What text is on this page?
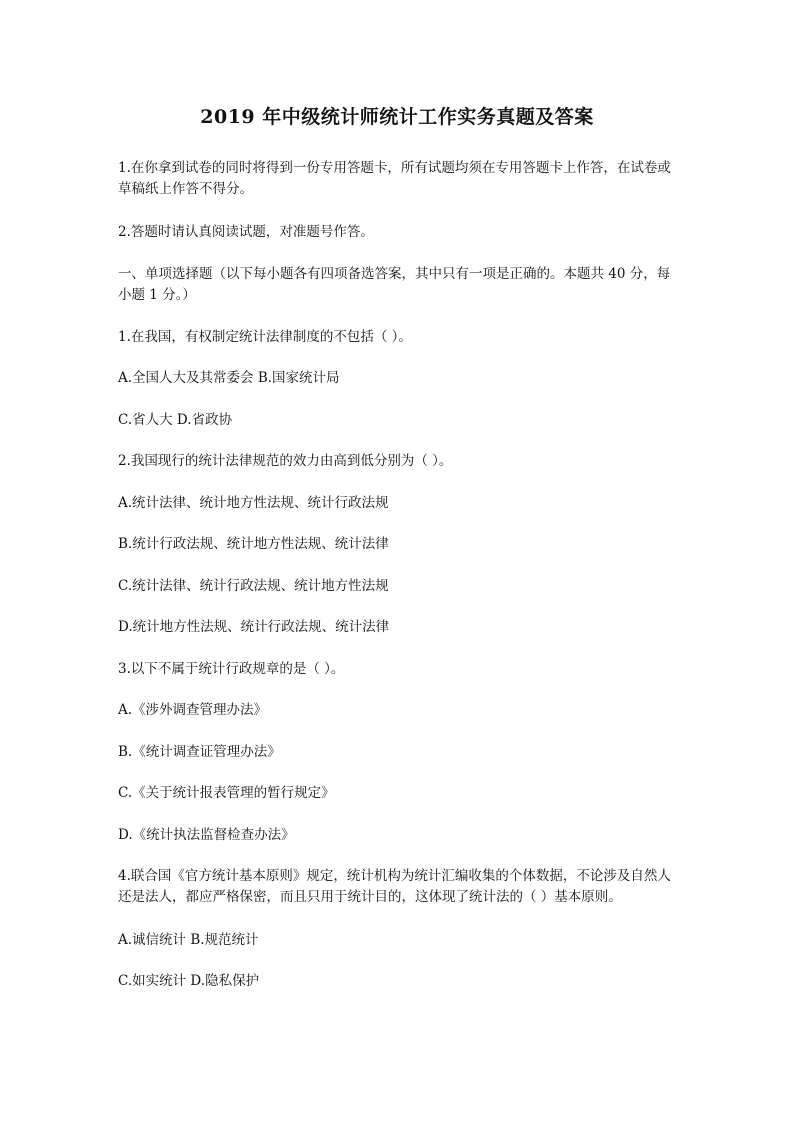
2019 年中级统计师统计工作实务真题及答案
1.在你拿到试卷的同时将得到一份专用答题卡，所有试题均须在专用答题卡上作答，在试卷或草稿纸上作答不得分。
2.答题时请认真阅读试题，对准题号作答。
一、单项选择题（以下每小题各有四项备选答案，其中只有一项是正确的。本题共 40 分，每小题 1 分。）
1.在我国，有权制定统计法律制度的不包括（ ）。
A.全国人大及其常委会 B.国家统计局
C.省人大 D.省政协
2.我国现行的统计法律规范的效力由高到低分别为（ ）。
A.统计法律、统计地方性法规、统计行政法规
B.统计行政法规、统计地方性法规、统计法律
C.统计法律、统计行政法规、统计地方性法规
D.统计地方性法规、统计行政法规、统计法律
3.以下不属于统计行政规章的是（ ）。
A.《涉外调查管理办法》
B.《统计调查证管理办法》
C.《关于统计报表管理的暂行规定》
D.《统计执法监督检查办法》
4.联合国《官方统计基本原则》规定，统计机构为统计汇编收集的个体数据，不论涉及自然人还是法人，都应严格保密，而且只用于统计目的，这体现了统计法的（ ）基本原则。
A.诚信统计 B.规范统计
C.如实统计 D.隐私保护
